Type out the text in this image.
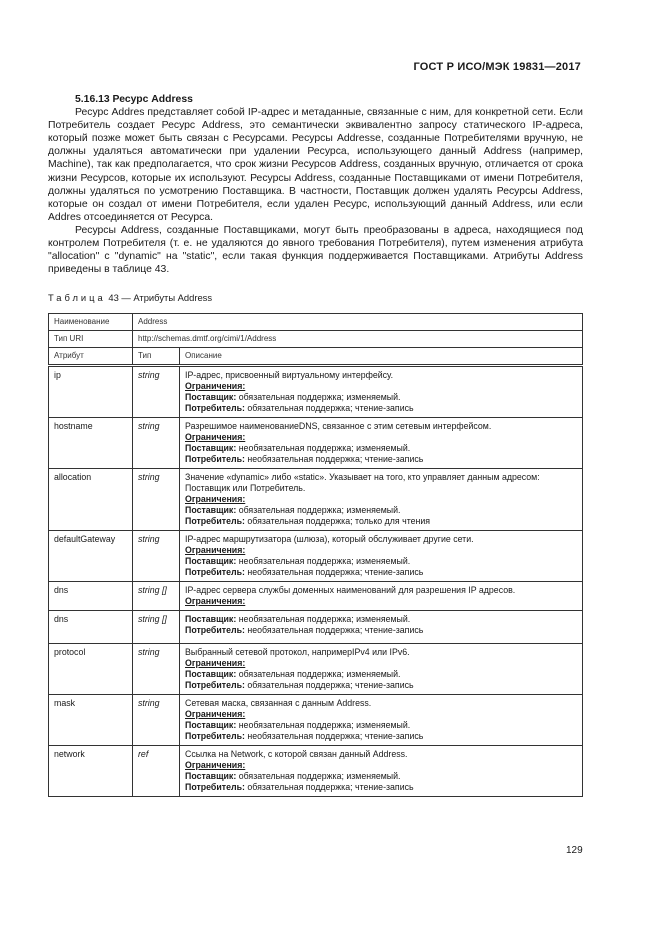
ГОСТ Р ИСО/МЭК 19831—2017
5.16.13 Ресурс Address

Ресурс Addres представляет собой IP-адрес и метаданные, связанные с ним, для конкретной сети. Если Потребитель создает Ресурс Address, это семантически эквивалентно запросу статического IP-адреса, который позже может быть связан с Ресурсами. Ресурсы Addresse, созданные Потребителями вручную, не должны удаляться автоматически при удалении Ресурса, использующего данный Address (например, Machine), так как предполагается, что срок жизни Ресурсов Address, созданных вручную, отличается от срока жизни Ресурсов, которые их используют. Ресурсы Address, созданные Поставщиками от имени Потребителя, должны удаляться по усмотрению Поставщика. В частности, Поставщик должен удалять Ресурсы Address, которые он создал от имени Потребителя, если удален Ресурс, использующий данный Address, или если Addres отсоединяется от Ресурса.

Ресурсы Address, созданные Поставщиками, могут быть преобразованы в адреса, находящиеся под контролем Потребителя (т. е. не удаляются до явного требования Потребителя), путем изменения атрибута "allocation" с "dynamic" на "static", если такая функция поддерживается Поставщиками. Атрибуты Address приведены в таблице 43.

Таблица 43 — Атрибуты Address
Наименование	Address	
Тип URI	http://schemas.dmtf.org/cimi/1/Address	
Атрибут	Тип	Описание
ip	string	IP-адрес, присвоенный виртуальному интерфейсу.
Ограничения:
Поставщик: обязательная поддержка; изменяемый.
Потребитель: обязательная поддержка; чтение-запись

hostname	string	Разрешимое наименованиеDNS, связанное с этим сетевым интерфейсом.
Ограничения:
Поставщик: необязательная поддержка; изменяемый.
Потребитель: необязательная поддержка; чтение-запись

allocation	string	Значение «dynamic» либо «static». Указывает на того, кто управляет данным адресом: Поставщик или Потребитель.
Ограничения:
Поставщик: обязательная поддержка; изменяемый.
Потребитель: обязательная поддержка; только для чтения

defaultGateway	string	IP-адрес маршрутизатора (шлюза), который обслуживает другие сети.
Ограничения:
Поставщик: необязательная поддержка; изменяемый.
Потребитель: необязательная поддержка; чтение-запись

dns	string []	IP-адрес сервера службы доменных наименований для разрешения IP адресов.
Ограничения:

dns	string []	Поставщик: необязательная поддержка; изменяемый.
Потребитель: необязательная поддержка; чтение-запись

protocol	string	Выбранный сетевой протокол, напримерIPv4 или IPv6.
Ограничения:
Поставщик: обязательная поддержка; изменяемый.
Потребитель: обязательная поддержка; чтение-запись

mask	string	Сетевая маска, связанная с данным Address.
Ограничения:
Поставщик: необязательная поддержка; изменяемый.
Потребитель: необязательная поддержка; чтение-запись

network	ref	Ссылка на Network, с которой связан данный Address.
Ограничения:
Поставщик: обязательная поддержка; изменяемый.
Потребитель: обязательная поддержка; чтение-запись
129
